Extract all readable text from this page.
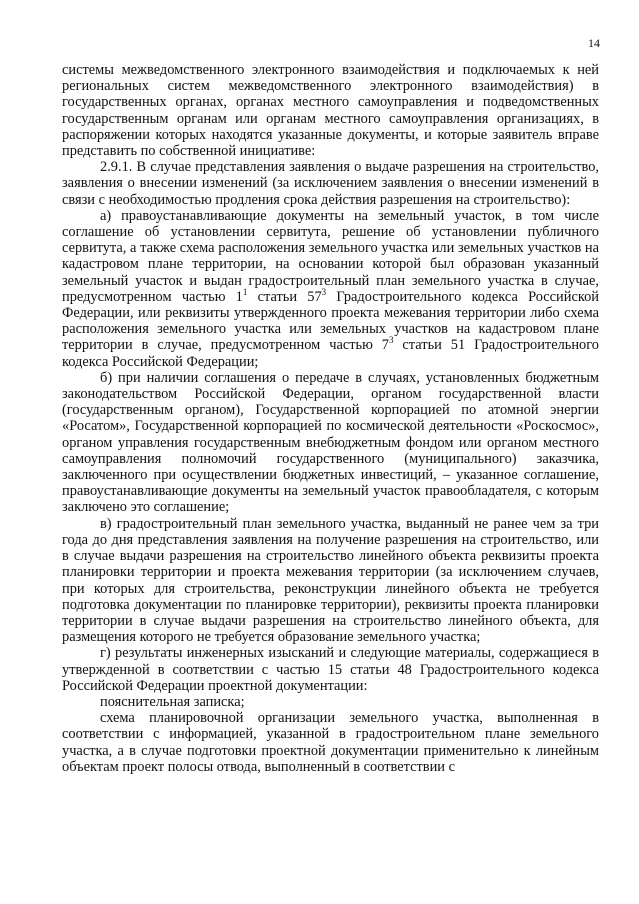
14

системы межведомственного электронного взаимодействия и подключаемых к ней региональных систем межведомственного электронного взаимодействия) в государственных органах, органах местного самоуправления и подведомственных государственным органам или органам местного самоуправления организациях, в распоряжении которых находятся указанные документы, и которые заявитель вправе представить по собственной инициативе:

2.9.1. В случае представления заявления о выдаче разрешения на строительство, заявления о внесении изменений (за исключением заявления о внесении изменений в связи с необходимостью продления срока действия разрешения на строительство):

а) правоустанавливающие документы на земельный участок, в том числе соглашение об установлении сервитута, решение об установлении публичного сервитута, а также схема расположения земельного участка или земельных участков на кадастровом плане территории, на основании которой был образован указанный земельный участок и выдан градостроительный план земельного участка в случае, предусмотренном частью $1^1$ статьи $57^3$ Градостроительного кодекса Российской Федерации, или реквизиты утвержденного проекта межевания территории либо схема расположения земельного участка или земельных участков на кадастровом плане территории в случае, предусмотренном частью $7^3$ статьи 51 Градостроительного кодекса Российской Федерации;

б) при наличии соглашения о передаче в случаях, установленных бюджетным законодательством Российской Федерации, органом государственной власти (государственным органом), Государственной корпорацией по атомной энергии «Росатом», Государственной корпорацией по космической деятельности «Роскосмос», органом управления государственным внебюджетным фондом или органом местного самоуправления полномочий государственного (муниципального) заказчика, заключенного при осуществлении бюджетных инвестиций, – указанное соглашение, правоустанавливающие документы на земельный участок правообладателя, с которым заключено это соглашение;

в) градостроительный план земельного участка, выданный не ранее чем за три года до дня представления заявления на получение разрешения на строительство, или в случае выдачи разрешения на строительство линейного объекта реквизиты проекта планировки территории и проекта межевания территории (за исключением случаев, при которых для строительства, реконструкции линейного объекта не требуется подготовка документации по планировке территории), реквизиты проекта планировки территории в случае выдачи разрешения на строительство линейного объекта, для размещения которого не требуется образование земельного участка;

г) результаты инженерных изысканий и следующие материалы, содержащиеся в утвержденной в соответствии с частью 15 статьи 48 Градостроительного кодекса Российской Федерации проектной документации:

пояснительная записка;

схема планировочной организации земельного участка, выполненная в соответствии с информацией, указанной в градостроительном плане земельного участка, а в случае подготовки проектной документации применительно к линейным объектам проект полосы отвода, выполненный в соответствии с
